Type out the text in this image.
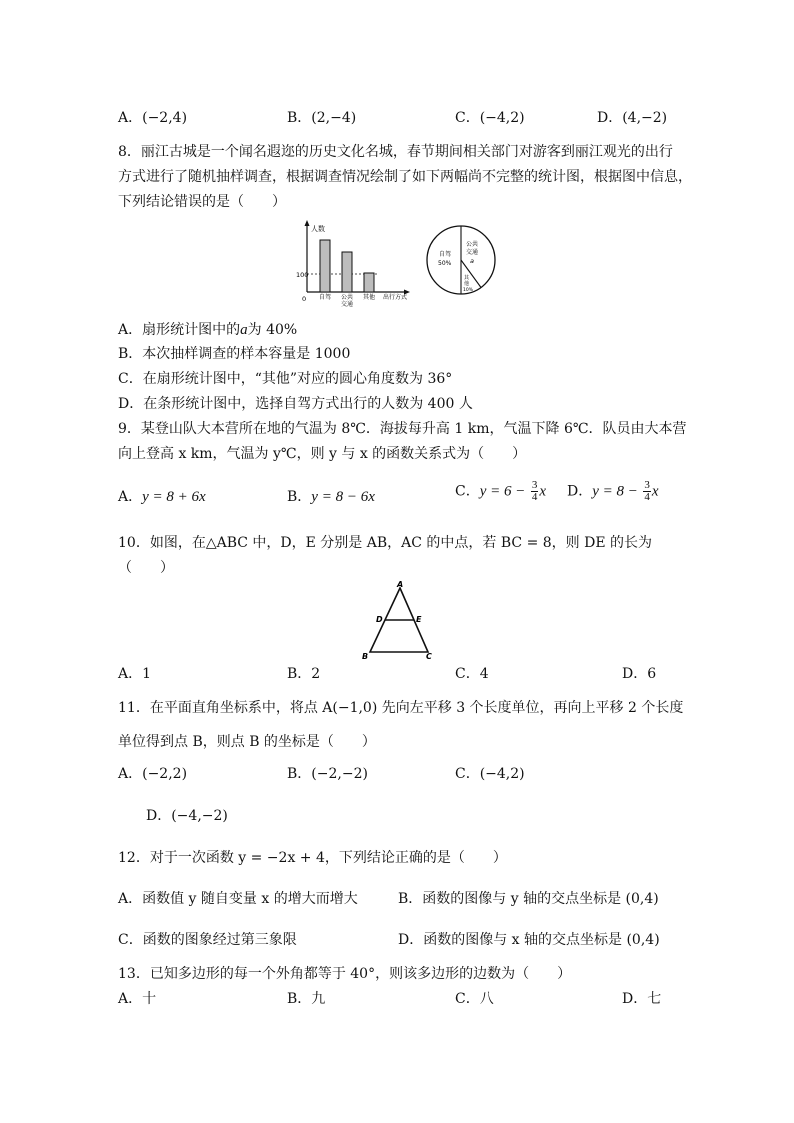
A．(−2,4)	B．(2,−4)	C．(−4,2)	D．(4,−2)
8．丽江古城是一个闻名遐迩的历史文化名城，春节期间相关部门对游客到丽江观光的出行
方式进行了随机抽样调查，根据调查情况绘制了如下两幅尚不完整的统计图，根据图中信息，
下列结论错误的是（　　）
人数
100
0 自驾 公共
交通
其他 出行方式
自驾
50%
公共
交通
a
其
他
10%
A．扇形统计图中的a为 40%
B．本次抽样调查的样本容量是 1000
C．在扇形统计图中，“其他”对应的圆心角度数为 36°
D．在条形统计图中，选择自驾方式出行的人数为 400 人
9．某登山队大本营所在地的气温为 8℃．海拔每升高 1 km，气温下降 6℃．队员由大本营
向上登高 x km，气温为 y℃，则 y 与 x 的函数关系式为（　　）
A．y = 8 + 6x	B．y = 8 − 6x	C．$y = 6 - \frac{3}{4}$ x D．$y = 8 - \frac{3}{4}$ x
10．如图，在△ABC 中，D，E 分别是 AB，AC 的中点，若 BC = 8，则 DE 的长为
（　　）
A
D	E
B	C
A．1	B．2	C．4	D．6
11．在平面直角坐标系中，将点 A(−1,0) 先向左平移 3 个长度单位，再向上平移 2 个长度
单位得到点 B，则点 B 的坐标是（　　）
A．(−2,2)	B．(−2,−2)	C．(−4,2)
D．(−4,−2)
12．对于一次函数 y = −2x + 4，下列结论正确的是（　　）
A．函数值 y 随自变量 x 的增大而增大	B．函数的图像与 y 轴的交点坐标是 (0,4)
C．函数的图象经过第三象限	D．函数的图像与 x 轴的交点坐标是 (0,4)
13．已知多边形的每一个外角都等于 40°，则该多边形的边数为（　　）
A．十	B．九	C．八	D．七
